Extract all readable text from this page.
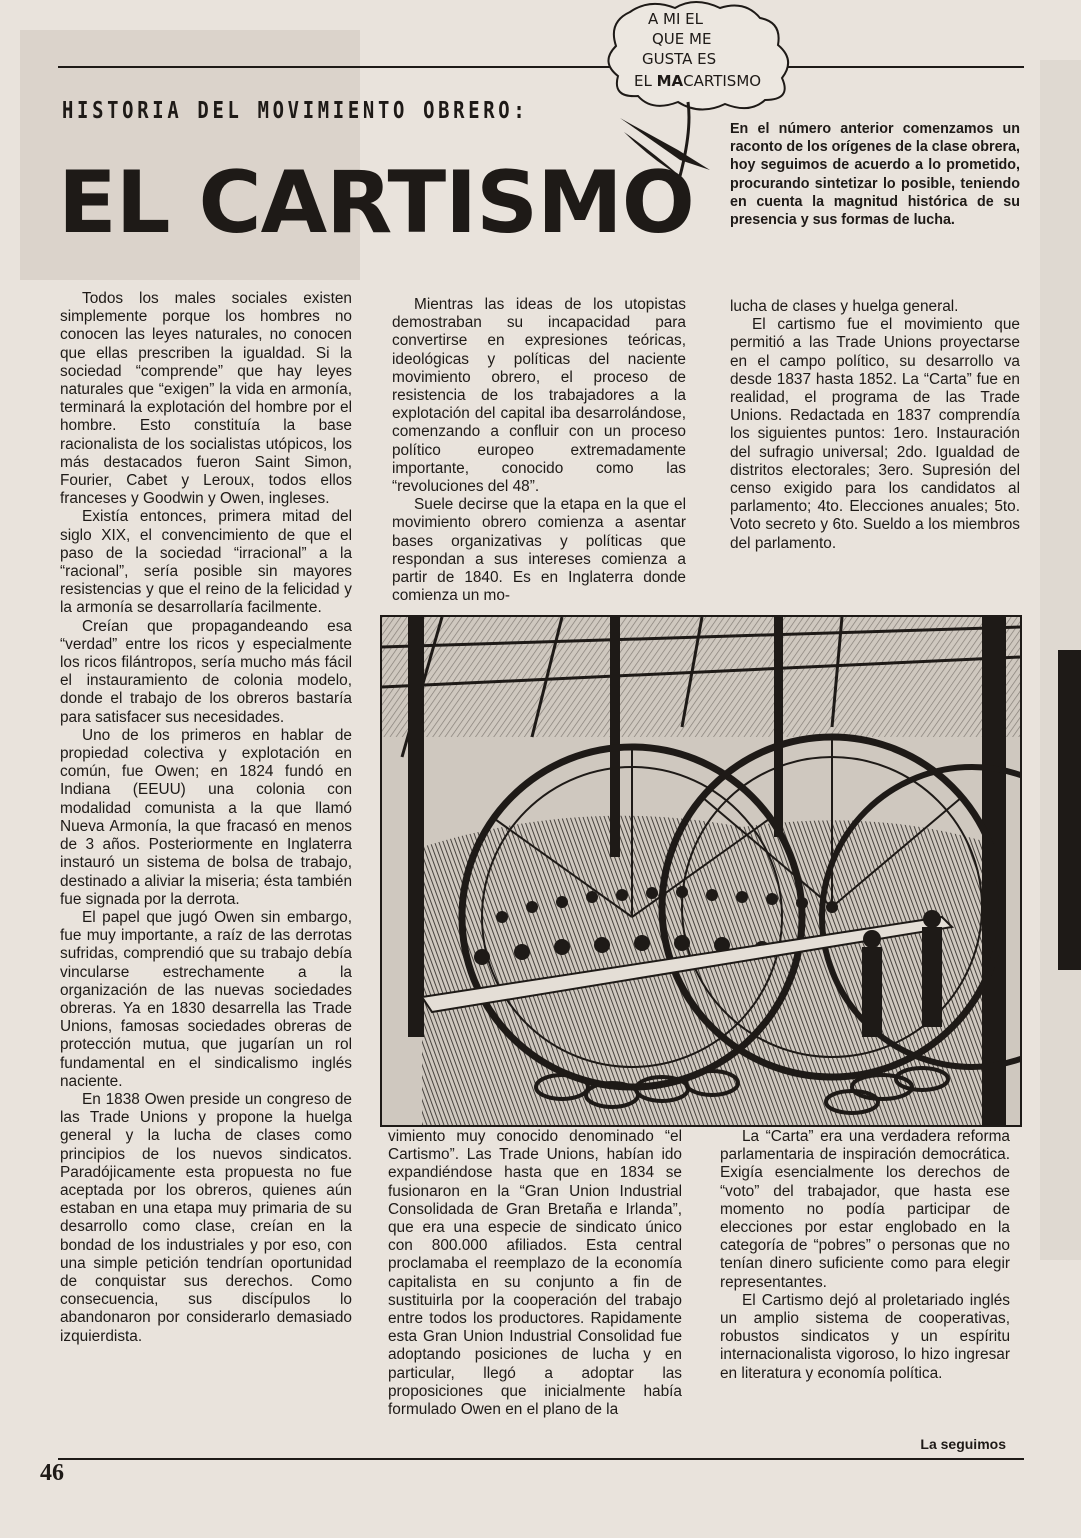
A MI EL
QUE ME
GUSTA ES
EL MACARTISMO
HISTORIA DEL MOVIMIENTO OBRERO:
EL CARTISMO
En el número anterior comenzamos un raconto de los orígenes de la clase obrera, hoy seguimos de acuerdo a lo prometido, procurando sintetizar lo posible, teniendo en cuenta la magnitud histórica de su presencia y sus formas de lucha.

Todos los males sociales existen simplemente porque los hombres no conocen las leyes naturales, no conocen que ellas prescriben la igualdad. Si la sociedad “comprende” que hay leyes naturales que “exigen” la vida en armonía, terminará la explotación del hombre por el hombre. Esto constituía la base racionalista de los socialistas utópicos, los más destacados fueron Saint Simon, Fourier, Cabet y Leroux, todos ellos franceses y Goodwin y Owen, ingleses.

Existía entonces, primera mitad del siglo XIX, el convencimiento de que el paso de la sociedad “irracional” a la “racional”, sería posible sin mayores resistencias y que el reino de la felicidad y la armonía se desarrollaría facilmente.

Creían que propagandeando esa “verdad” entre los ricos y especialmente los ricos filántropos, sería mucho más fácil el instauramiento de colonia modelo, donde el trabajo de los obreros bastaría para satisfacer sus necesidades.

Uno de los primeros en hablar de propiedad colectiva y explotación en común, fue Owen; en 1824 fundó en Indiana (EEUU) una colonia con modalidad comunista a la que llamó Nueva Armonía, la que fracasó en menos de 3 años. Posteriormente en Inglaterra instauró un sistema de bolsa de trabajo, destinado a aliviar la miseria; ésta también fue signada por la derrota.

El papel que jugó Owen sin embargo, fue muy importante, a raíz de las derrotas sufridas, comprendió que su trabajo debía vincularse estrechamente a la organización de las nuevas sociedades obreras. Ya en 1830 desarrella las Trade Unions, famosas sociedades obreras de protección mutua, que jugarían un rol fundamental en el sindicalismo inglés naciente.

En 1838 Owen preside un congreso de las Trade Unions y propone la huelga general y la lucha de clases como principios de los nuevos sindicatos. Paradójicamente esta propuesta no fue aceptada por los obreros, quienes aún estaban en una etapa muy primaria de su desarrollo como clase, creían en la bondad de los industriales y por eso, con una simple petición tendrían oportunidad de conquistar sus derechos. Como consecuencia, sus discípulos lo abandonaron por considerarlo demasiado izquierdista.

Mientras las ideas de los utopistas demostraban su incapacidad para convertirse en expresiones teóricas, ideológicas y políticas del naciente movimiento obrero, el proceso de resistencia de los trabajadores a la explotación del capital iba desarrolándose, comenzando a confluir con un proceso político europeo extremadamente importante, conocido como las “revoluciones del 48”.

Suele decirse que la etapa en la que el movimiento obrero comienza a asentar bases organizativas y políticas que respondan a sus intereses comienza a partir de 1840. Es en Inglaterra donde comienza un mo-

lucha de clases y huelga general.

El cartismo fue el movimiento que permitió a las Trade Unions proyectarse en el campo político, su desarrollo va desde 1837 hasta 1852. La “Carta” fue en realidad, el programa de las Trade Unions. Redactada en 1837 comprendía los siguientes puntos: 1ero. Instauración del sufragio universal; 2do. Igualdad de distritos electorales; 3ero. Supresión del censo exigido para los candidatos al parlamento; 4to. Elecciones anuales; 5to. Voto secreto y 6to. Sueldo a los miembros del parlamento.

vimiento muy conocido denominado “el Cartismo”. Las Trade Unions, habían ido expandiéndose hasta que en 1834 se fusionaron en la “Gran Union Industrial Consolidada de Gran Bretaña e Irlanda”, que era una especie de sindicato único con 800.000 afiliados. Esta central proclamaba el reemplazo de la economía capitalista en su conjunto a fin de sustituirla por la cooperación del trabajo entre todos los productores. Rapidamente esta Gran Union Industrial Consolidad fue adoptando posiciones de lucha y en particular, llegó a adoptar las proposiciones que inicialmente había formulado Owen en el plano de la

La “Carta” era una verdadera reforma parlamentaria de inspiración democrática. Exigía esencialmente los derechos de “voto” del trabajador, que hasta ese momento no podía participar de elecciones por estar englobado en la categoría de “pobres” o personas que no tenían dinero suficiente como para elegir representantes.

El Cartismo dejó al proletariado inglés un amplio sistema de cooperativas, robustos sindicatos y un espíritu internacionalista vigoroso, lo hizo ingresar en literatura y economía política.

La seguimos
46
